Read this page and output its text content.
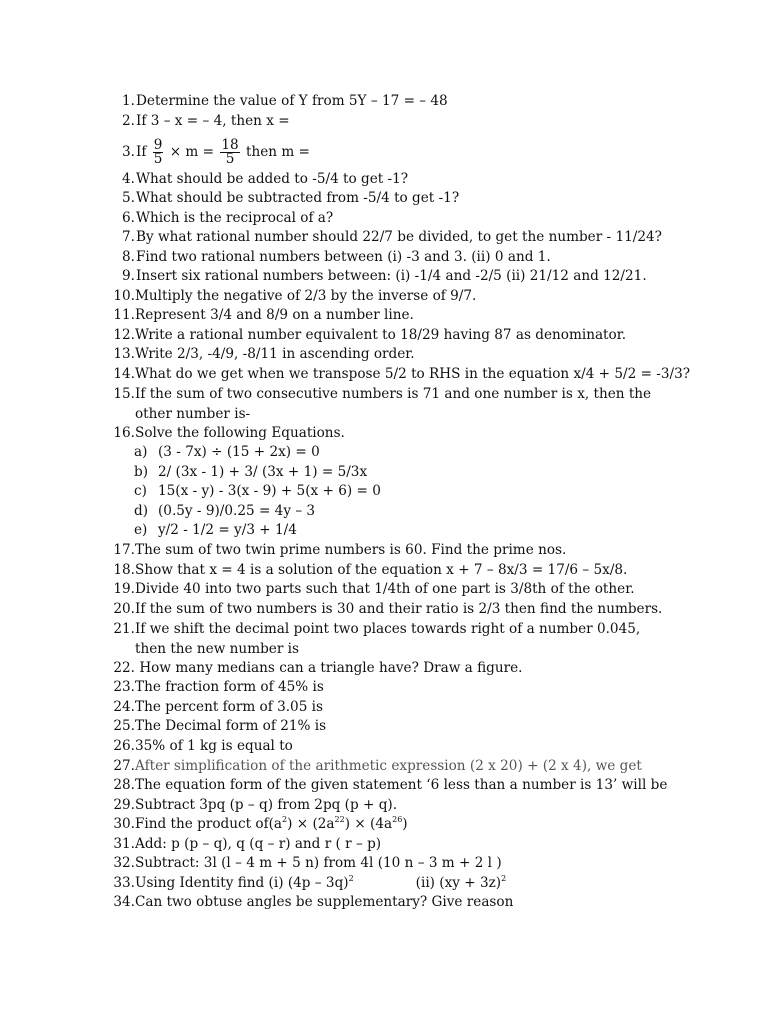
1. Determine the value of Y from 5Y – 17 = – 48
2. If 3 – x = – 4, then x =
3. If $\frac{9}{5} \times m = \frac{18}{5}$ then m =
4. What should be added to -5/4 to get -1?
5. What should be subtracted from -5/4 to get -1?
6. Which is the reciprocal of a?
7. By what rational number should 22/7 be divided, to get the number - 11/24?
8. Find two rational numbers between (i) -3 and 3. (ii) 0 and 1.
9. Insert six rational numbers between: (i) -1/4 and -2/5 (ii) 21/12 and 12/21.
10. Multiply the negative of 2/3 by the inverse of 9/7.
11. Represent 3/4 and 8/9 on a number line.
12. Write a rational number equivalent to 18/29 having 87 as denominator.
13. Write 2/3, -4/9, -8/11 in ascending order.
14. What do we get when we transpose 5/2 to RHS in the equation x/4 + 5/2 = -3/3?
15. If the sum of two consecutive numbers is 71 and one number is x, then the other number is-
16. Solve the following Equations.
a) (3 - 7x) ÷ (15 + 2x) = 0
b) 2/ (3x - 1) + 3/ (3x + 1) = 5/3x
c) 15(x - y) - 3(x - 9) + 5(x + 6) = 0
d) (0.5y - 9)/0.25 = 4y – 3
e) y/2 - 1/2 = y/3 + 1/4
17. The sum of two twin prime numbers is 60. Find the prime nos.
18. Show that x = 4 is a solution of the equation x + 7 – 8x/3 = 17/6 – 5x/8.
19. Divide 40 into two parts such that 1/4th of one part is 3/8th of the other.
20. If the sum of two numbers is 30 and their ratio is 2/3 then find the numbers.
21. If we shift the decimal point two places towards right of a number 0.045, then the new number is
22. How many medians can a triangle have? Draw a figure.
23. The fraction form of 45% is
24. The percent form of 3.05 is
25. The Decimal form of 21% is
26. 35% of 1 kg is equal to
27. After simplification of the arithmetic expression (2 x 20) + (2 x 4), we get
28. The equation form of the given statement ‘6 less than a number is 13’ will be
29. Subtract 3pq (p – q) from 2pq (p + q).
30. Find the product $of(a^2) \times (2a^{22}) \times (4a^{26})$
31. Add: p (p – q), q (q – r) and r ( r – p)
32. Subtract: 3l (l – 4 m + 5 n) from 4l (10 n – 3 m + 2 l )
33. Using Identity find (i) (4p – 3q)$^2$	(ii) (xy + 3z)$^2$
34. Can two obtuse angles be supplementary? Give reason
